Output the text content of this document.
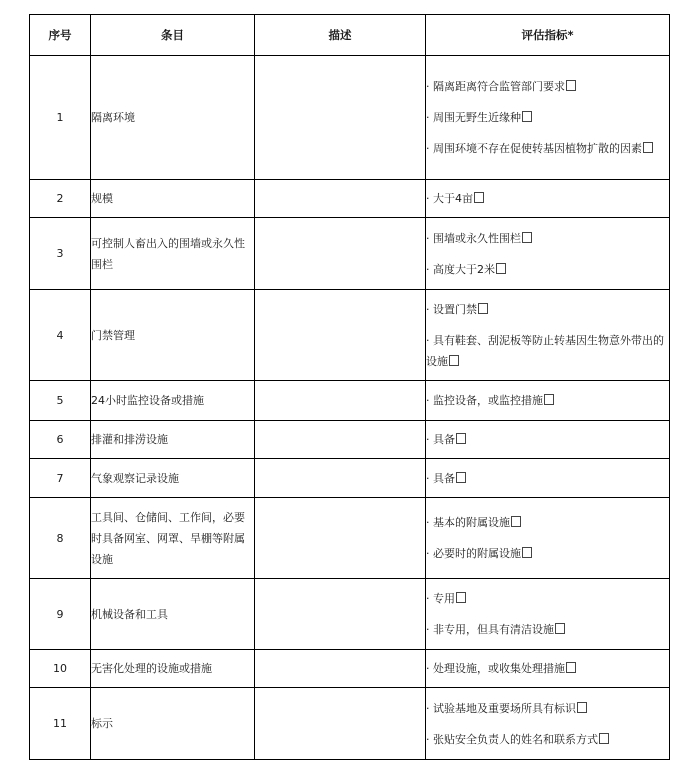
序号	条目	描述	评估指标*
1	隔离环境		· 隔离距离符合监管部门要求
· 周围无野生近缘种
· 周围环境不存在促使转基因植物扩散的因素

2	规模		· 大于4亩

3	可控制人畜出入的围墙或永久性围栏		· 围墙或永久性围栏
· 高度大于2米

4	门禁管理		· 设置门禁
· 具有鞋套、刮泥板等防止转基因生物意外带出的设施

5	24小时监控设备或措施		· 监控设备，或监控措施

6	排灌和排涝设施		· 具备

7	气象观察记录设施		· 具备

8	工具间、仓储间、工作间，必要时具备网室、网罩、旱棚等附属设施		· 基本的附属设施
· 必要时的附属设施

9	机械设备和工具		· 专用
· 非专用，但具有清洁设施

10	无害化处理的设施或措施		· 处理设施，或收集处理措施

11	标示		· 试验基地及重要场所具有标识
· 张贴安全负责人的姓名和联系方式
